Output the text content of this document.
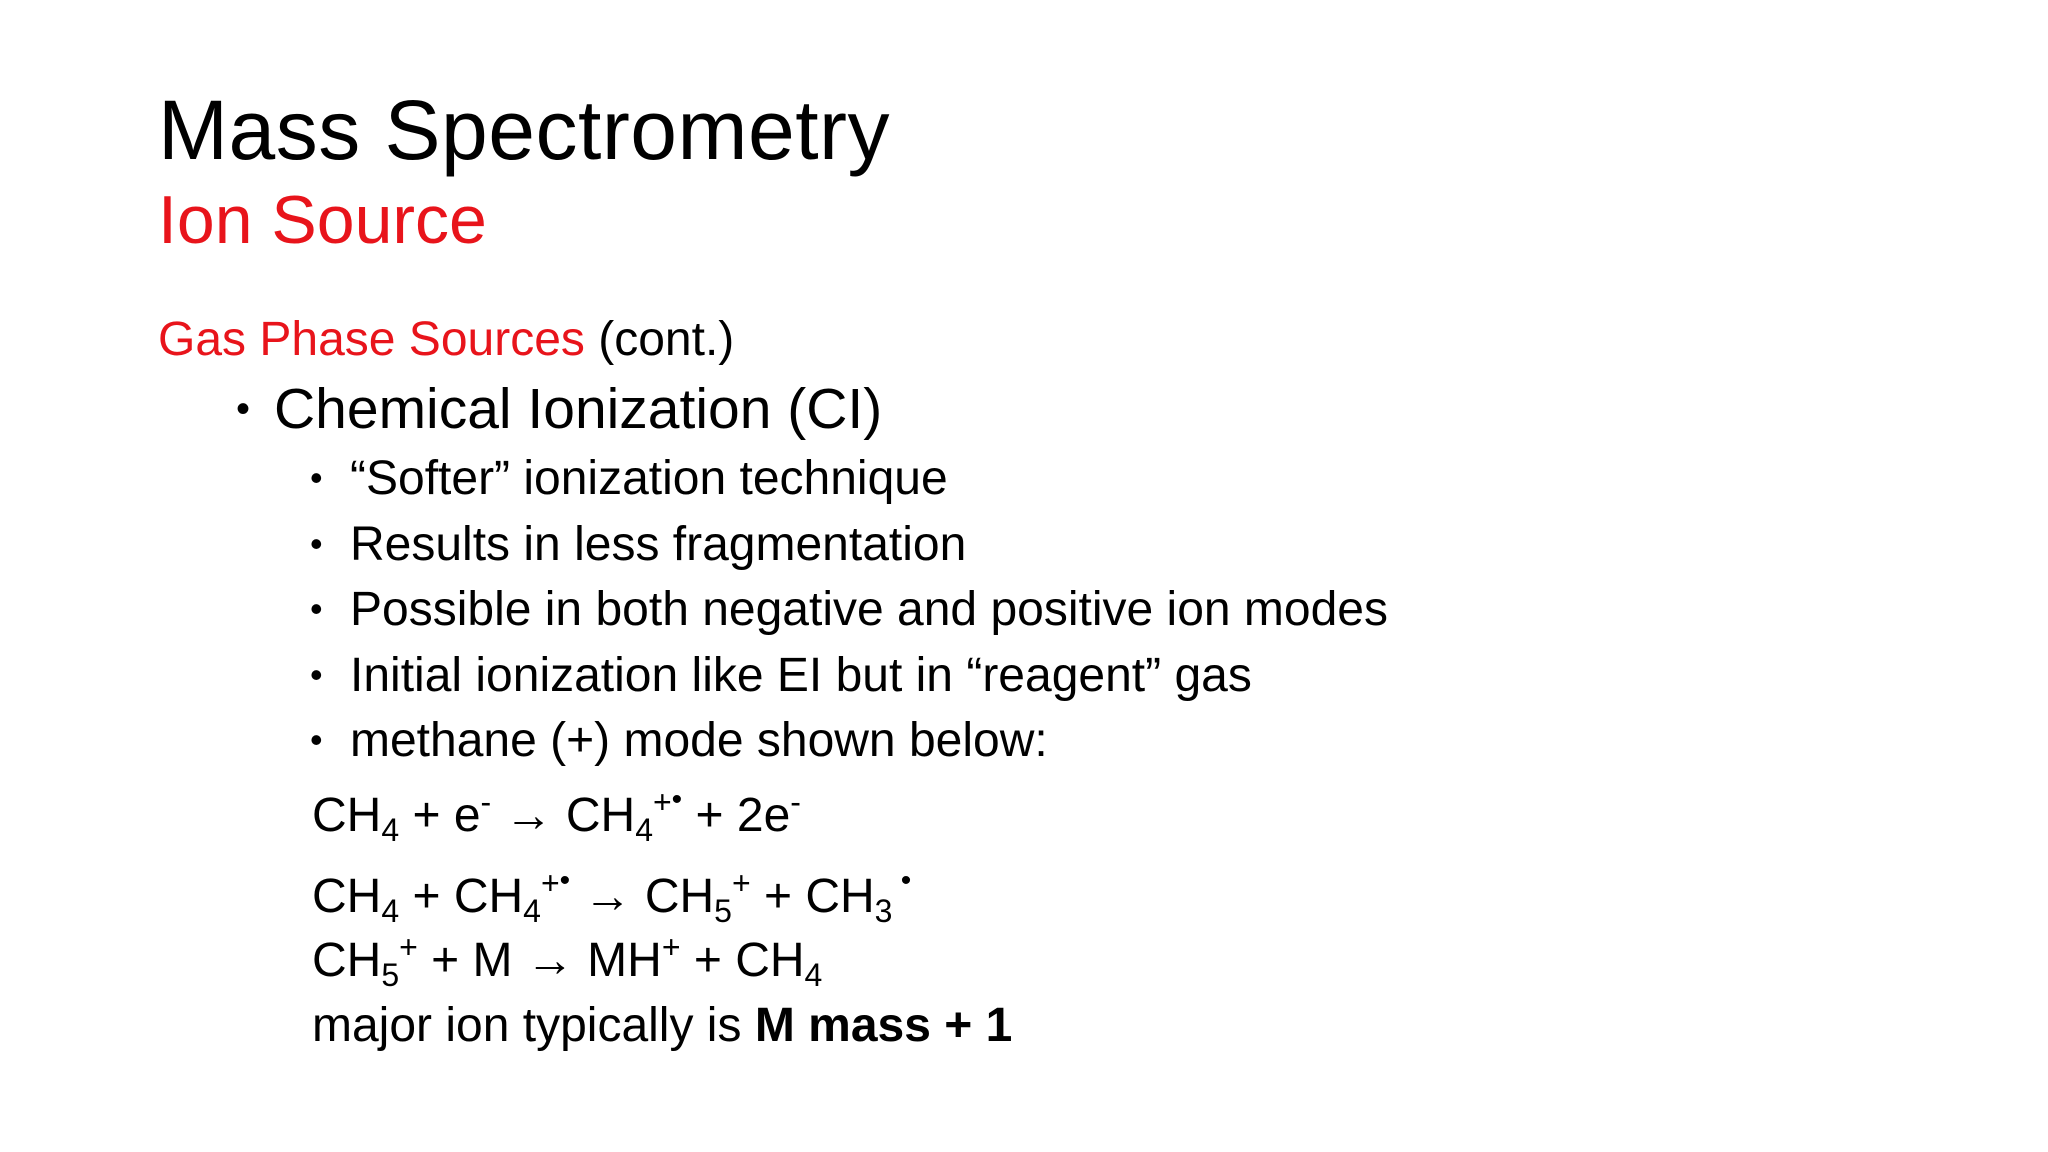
Mass Spectrometry
Ion Source
Gas Phase Sources (cont.)
• Chemical Ionization (CI)
• “Softer” ionization technique
• Results in less fragmentation
• Possible in both negative and positive ion modes
• Initial ionization like EI but in “reagent” gas
• methane (+) mode shown below:
$CH_4 + e^- \to CH_4^{+•} + 2e^-$
$CH_4 + CH_4^{+•} \to CH_5^+ + CH_3$ •
$CH_5^+ + M \to MH^+ + CH_4$
major ion typically is M mass + 1
